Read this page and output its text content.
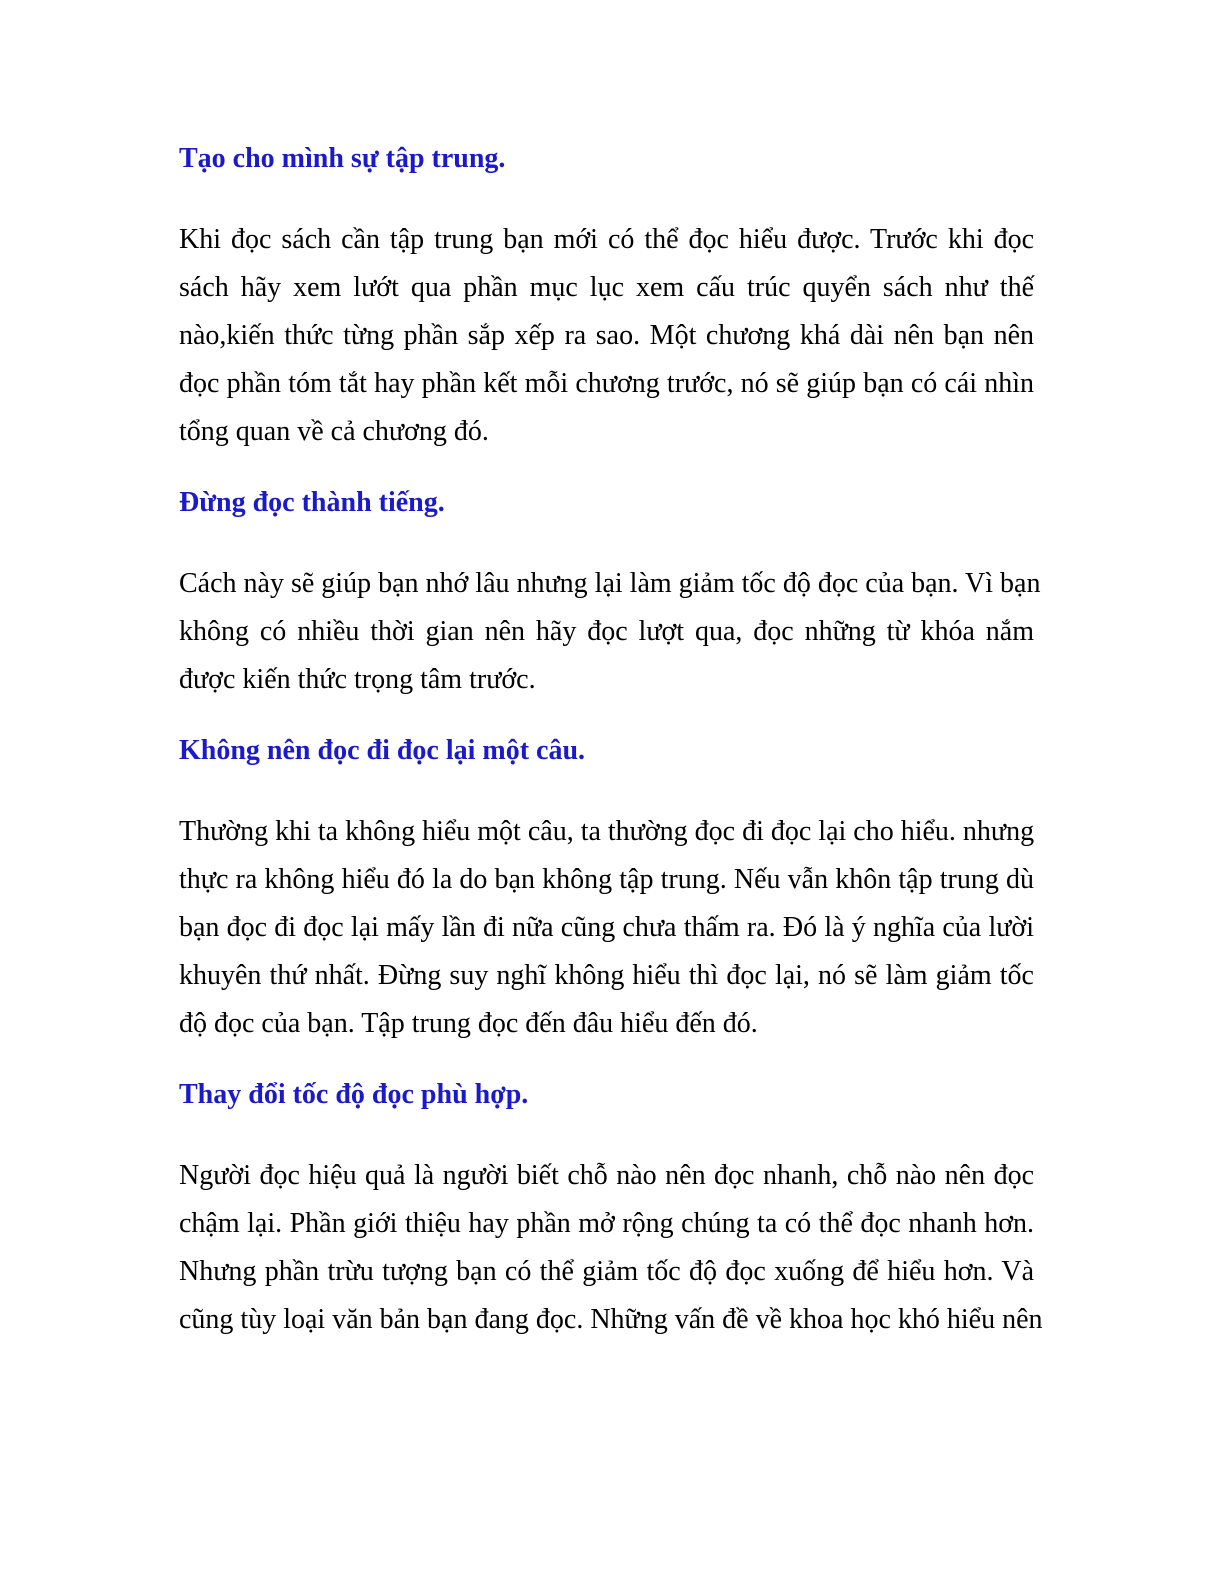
Tạo cho mình sự tập trung.

Khi đọc sách cần tập trung bạn mới có thể đọc hiểu được. Trước khi đọc
sách hãy xem lướt qua phần mục lục xem cấu trúc quyển sách như thế
nào,kiến thức từng phần sắp xếp ra sao. Một chương khá dài nên bạn nên
đọc phần tóm tắt hay phần kết mỗi chương trước, nó sẽ giúp bạn có cái nhìn
tổng quan về cả chương đó.

Đừng đọc thành tiếng.

Cách này sẽ giúp bạn nhớ lâu nhưng lại làm giảm tốc độ đọc của bạn. Vì bạn
không có nhiều thời gian nên hãy đọc lượt qua, đọc những từ khóa nắm
được kiến thức trọng tâm trước.

Không nên đọc đi đọc lại một câu.

Thường khi ta không hiểu một câu, ta thường đọc đi đọc lại cho hiểu. nhưng
thực ra không hiểu đó la do bạn không tập trung. Nếu vẫn khôn tập trung dù
bạn đọc đi đọc lại mấy lần đi nữa cũng chưa thấm ra. Đó là ý nghĩa của lười
khuyên thứ nhất. Đừng suy nghĩ không hiểu thì đọc lại, nó sẽ làm giảm tốc
độ đọc của bạn. Tập trung đọc đến đâu hiểu đến đó.

Thay đổi tốc độ đọc phù hợp.

Người đọc hiệu quả là người biết chỗ nào nên đọc nhanh, chỗ nào nên đọc
chậm lại. Phần giới thiệu hay phần mở rộng chúng ta có thể đọc nhanh hơn.
Nhưng phần trừu tượng bạn có thể giảm tốc độ đọc xuống để hiểu hơn. Và
cũng tùy loại văn bản bạn đang đọc. Những vấn đề về khoa học khó hiểu nên
